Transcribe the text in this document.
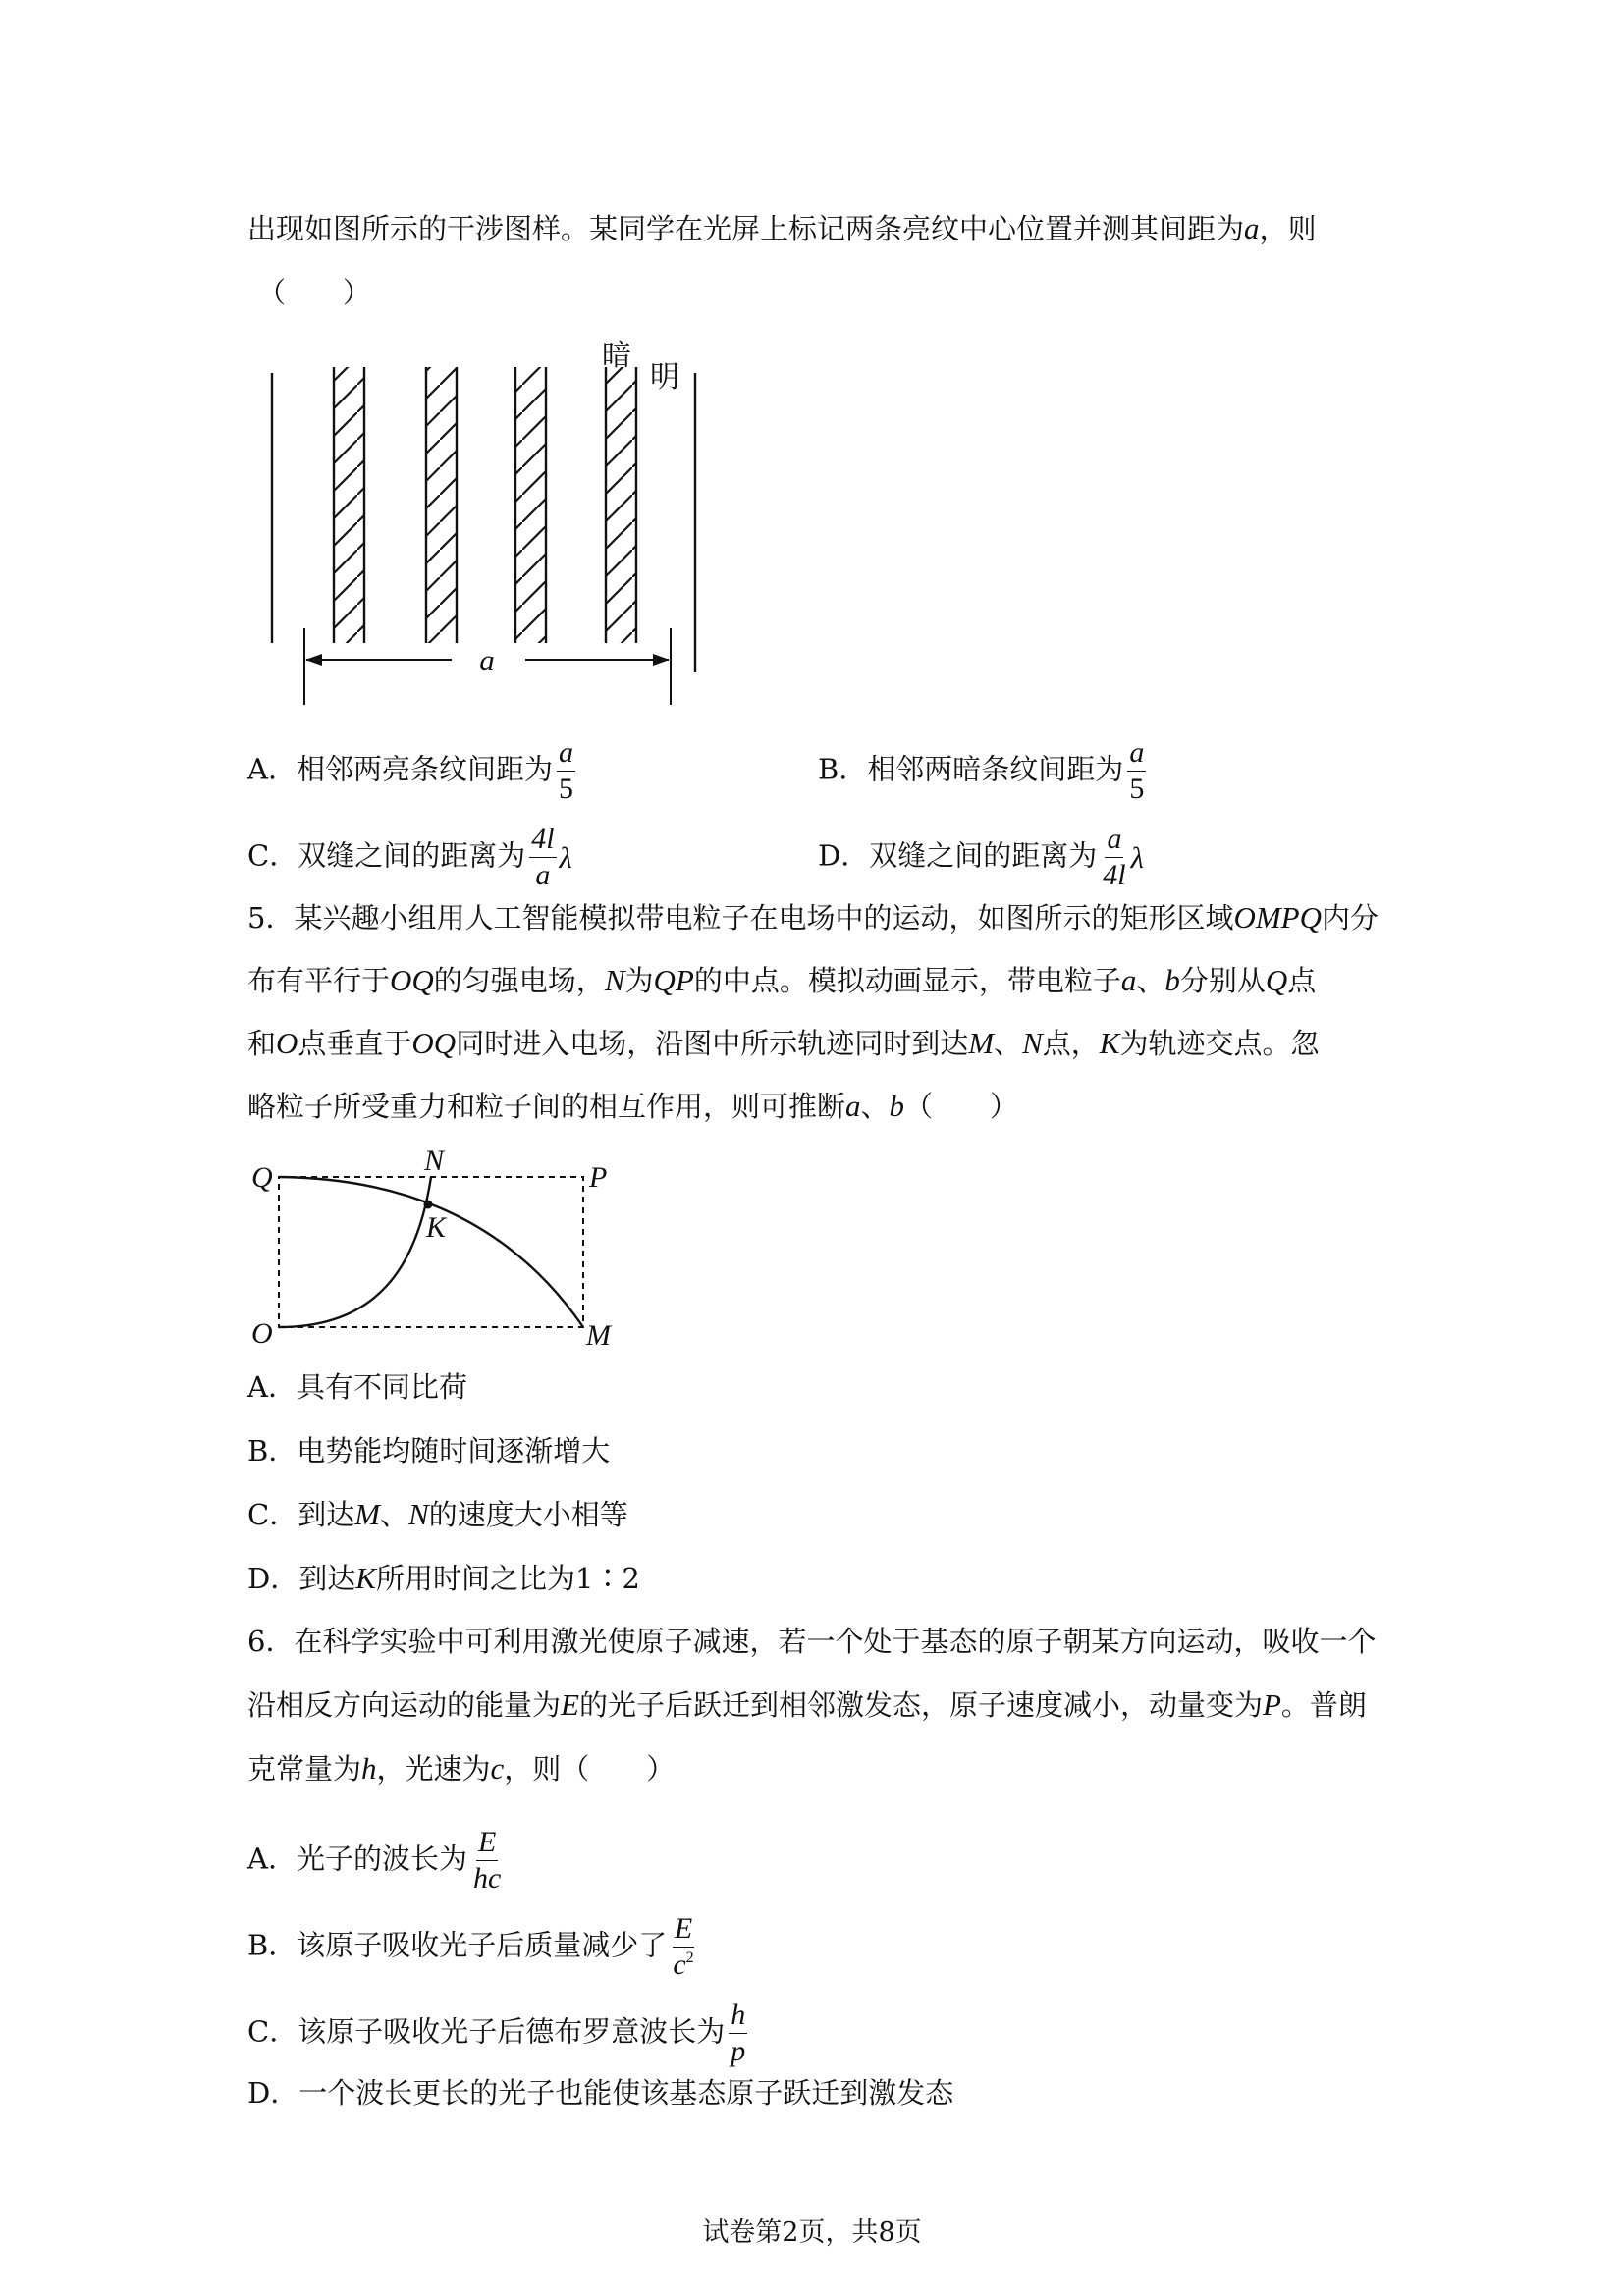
出现如图所示的干涉图样。某同学在光屏上标记两条亮纹中心位置并测其间距为a，则
（　　）
a
暗
明
A．相邻两亮条纹间距为 $\frac{a}{5}$	B．相邻两暗条纹间距为 $\frac{a}{5}$
C．双缝之间的距离为 $\frac{4l}{a}$ λ	D．双缝之间的距离为 $\frac{a}{4l}$ λ
5．某兴趣小组用人工智能模拟带电粒子在电场中的运动，如图所示的矩形区域OMPQ内分
布有平行于OQ的匀强电场，N为QP的中点。模拟动画显示，带电粒子a、b分别从Q点
和O点垂直于OQ同时进入电场，沿图中所示轨迹同时到达M、N点，K为轨迹交点。忽
略粒子所受重力和粒子间的相互作用，则可推断a、b（　　）
Q
N
P
K
O	M
A．具有不同比荷
B．电势能均随时间逐渐增大
C．到达M、N的速度大小相等
D．到达K所用时间之比为1∶2
6．在科学实验中可利用激光使原子减速，若一个处于基态的原子朝某方向运动，吸收一个
沿相反方向运动的能量为E的光子后跃迁到相邻激发态，原子速度减小，动量变为P。普朗
克常量为h，光速为c，则（　　）
A．光子的波长为 $\frac{E}{hc}$
B．该原子吸收光子后质量减少了 $\frac{E}{c^2}$
C．该原子吸收光子后德布罗意波长为 $\frac{h}{p}$
D．一个波长更长的光子也能使该基态原子跃迁到激发态
试卷第2页，共8页
